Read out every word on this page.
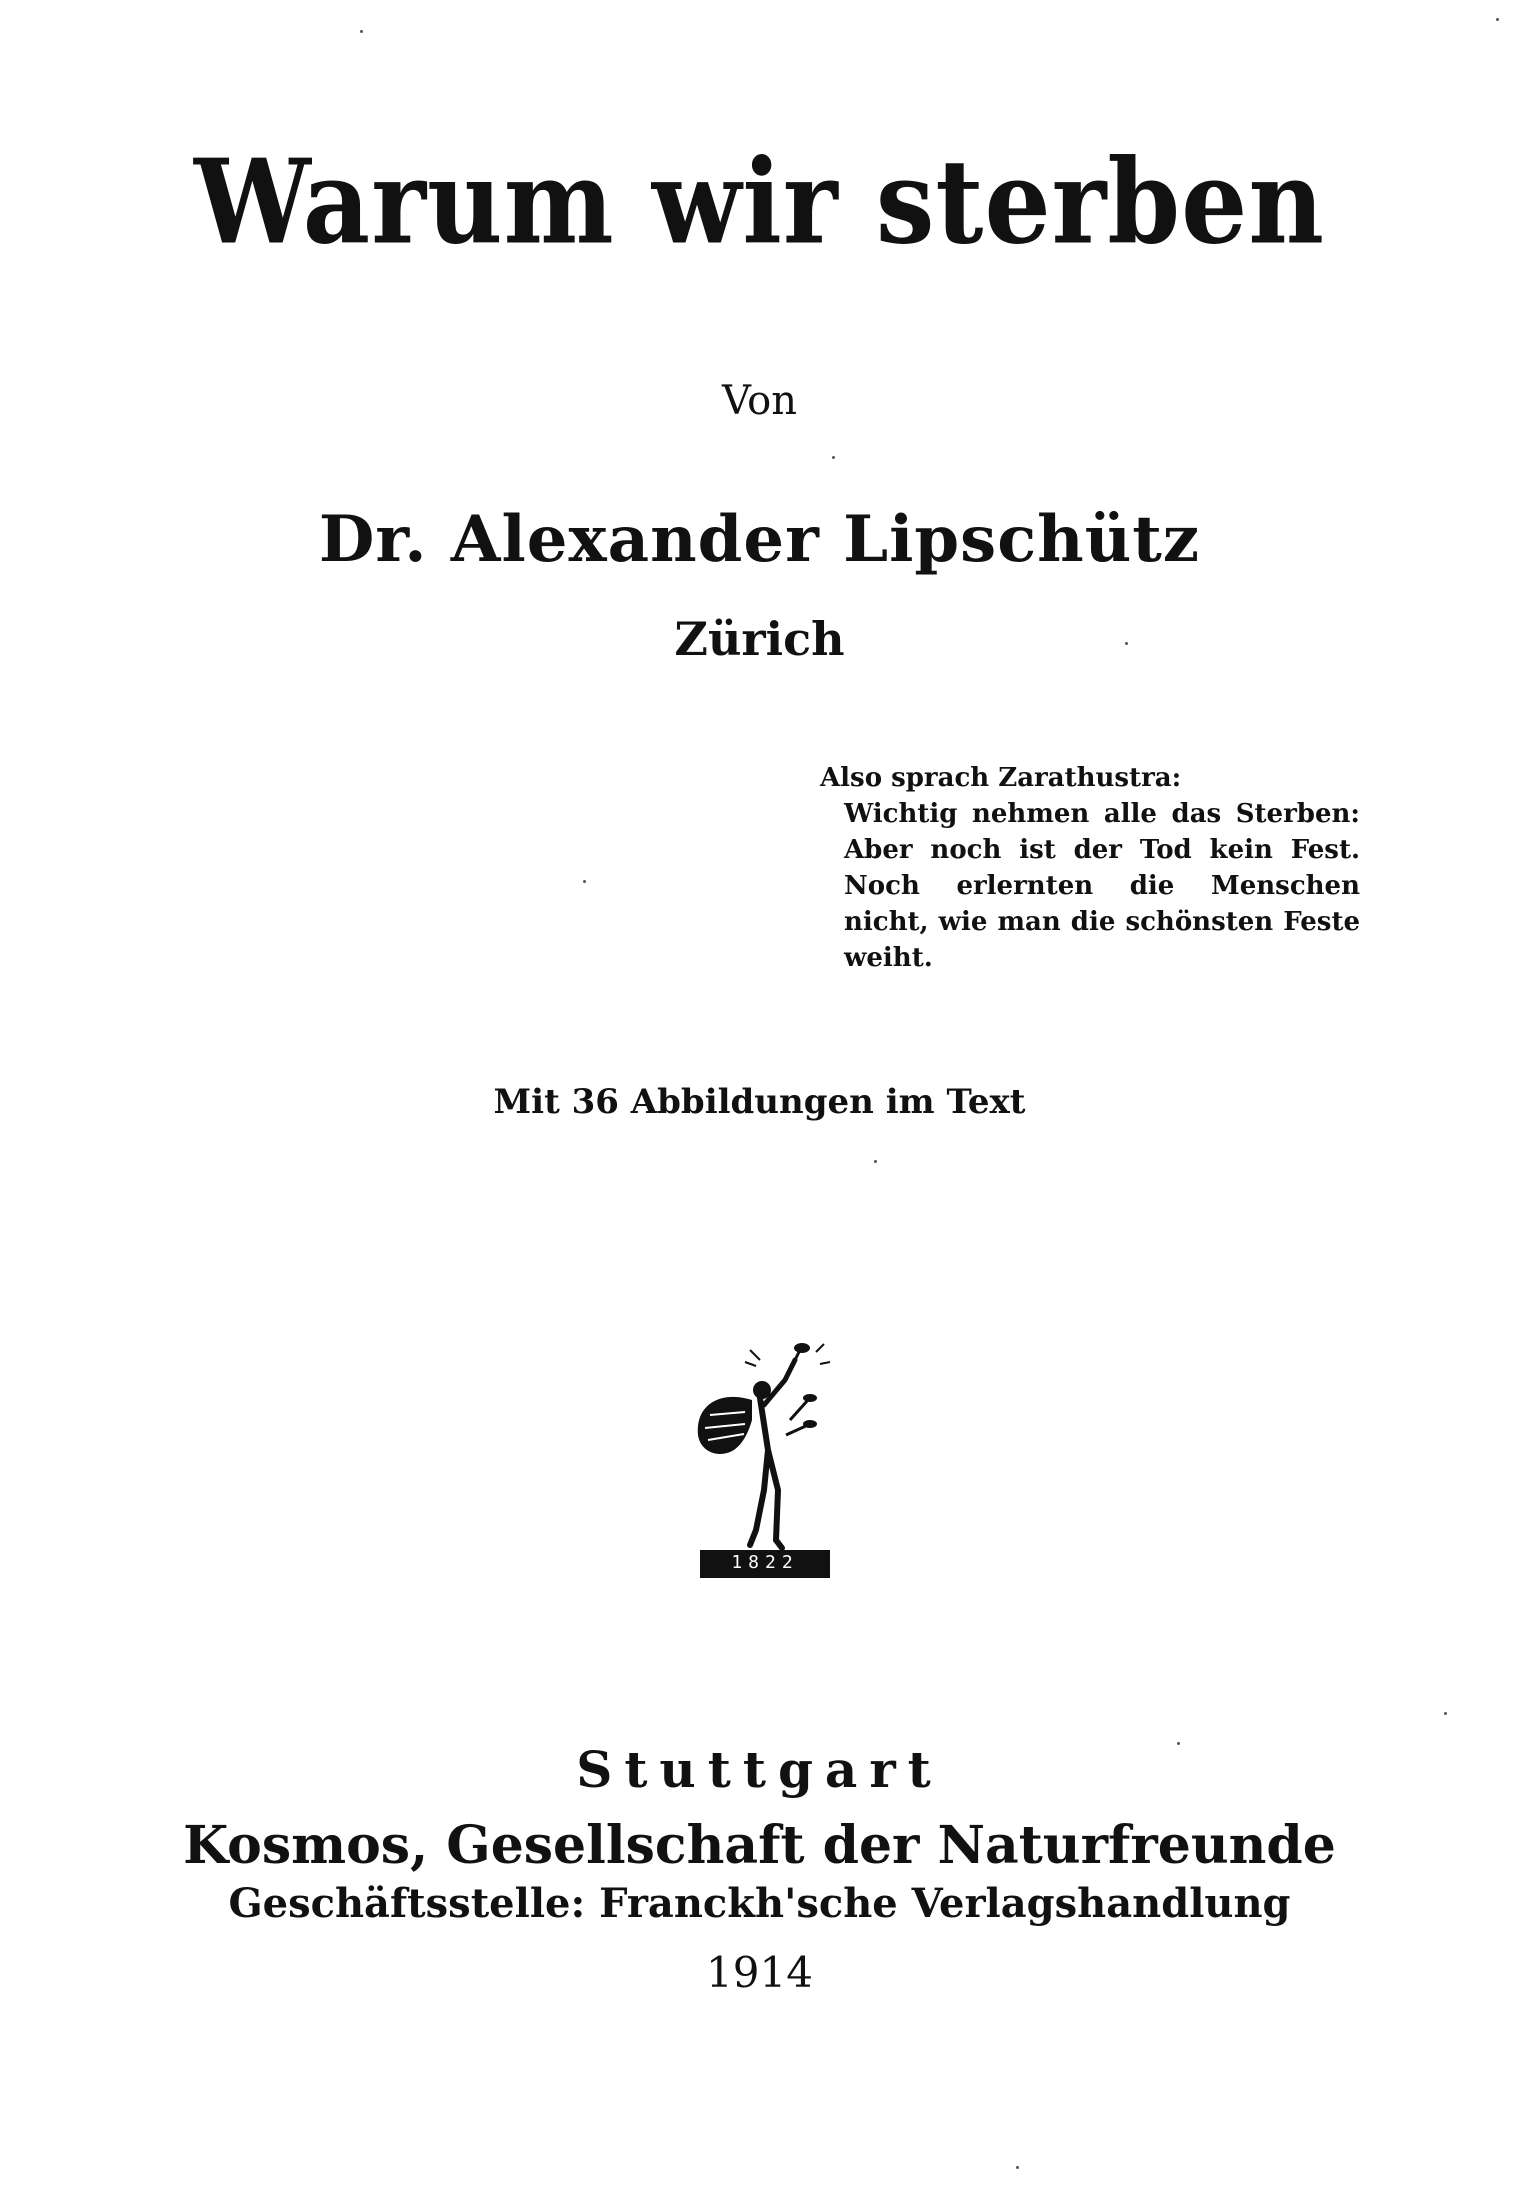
Warum wir sterben
Von
Dr. Alexander Lipschütz
Zürich
Also sprach Zarathustra:
Wichtig nehmen alle das Sterben: Aber noch ist der Tod kein Fest. Noch erlernten die Menschen nicht, wie man die schönsten Feste weiht.
Mit 36 Abbildungen im Text
1822
Stuttgart
Kosmos, Gesellschaft der Naturfreunde
Geschäftsstelle: Franckh'sche Verlagshandlung
1914
